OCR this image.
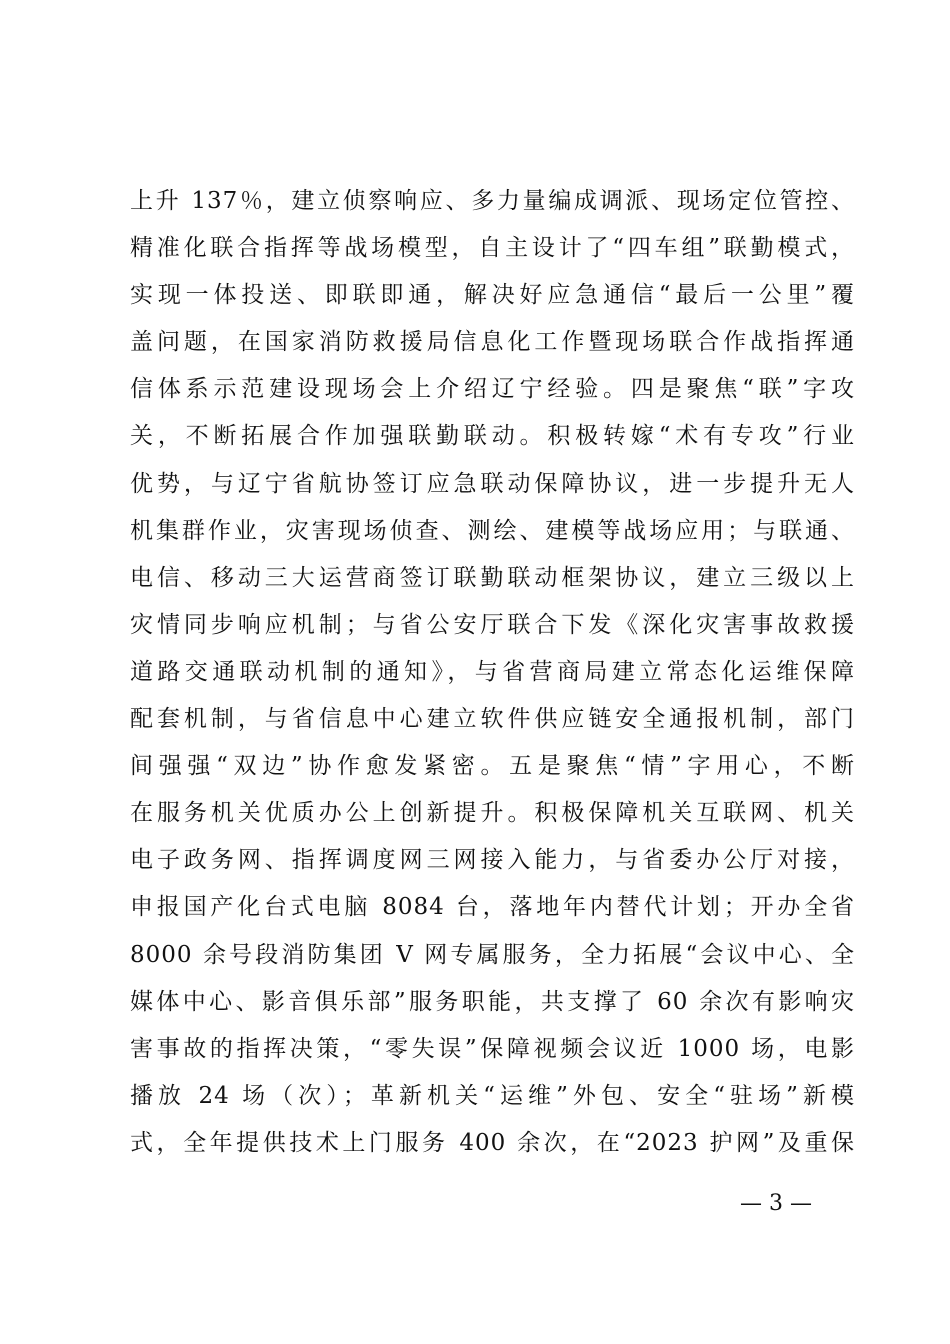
上升 137％，建立侦察响应、多力量编成调派、现场定位管控、
精准化联合指挥等战场模型，自主设计了“四车组”联勤模式，
实现一体投送、即联即通，解决好应急通信“最后一公里”覆
盖问题，在国家消防救援局信息化工作暨现场联合作战指挥通
信体系示范建设现场会上介绍辽宁经验。四是聚焦“联”字攻
关，不断拓展合作加强联勤联动。积极转嫁“术有专攻”行业
优势，与辽宁省航协签订应急联动保障协议，进一步提升无人
机集群作业，灾害现场侦查、测绘、建模等战场应用；与联通、
电信、移动三大运营商签订联勤联动框架协议，建立三级以上
灾情同步响应机制；与省公安厅联合下发《深化灾害事故救援
道路交通联动机制的通知》，与省营商局建立常态化运维保障
配套机制，与省信息中心建立软件供应链安全通报机制，部门
间强强“双边”协作愈发紧密。五是聚焦“情”字用心，不断
在服务机关优质办公上创新提升。积极保障机关互联网、机关
电子政务网、指挥调度网三网接入能力，与省委办公厅对接，
申报国产化台式电脑 8084 台，落地年内替代计划；开办全省
8000 余号段消防集团 V 网专属服务，全力拓展“会议中心、全
媒体中心、影音俱乐部”服务职能，共支撑了 60 余次有影响灾
害事故的指挥决策，“零失误”保障视频会议近 1000 场，电影
播放 24 场（次）；革新机关“运维”外包、安全“驻场”新模
式，全年提供技术上门服务 400 余次，在“2023 护网”及重保
— 3 —
